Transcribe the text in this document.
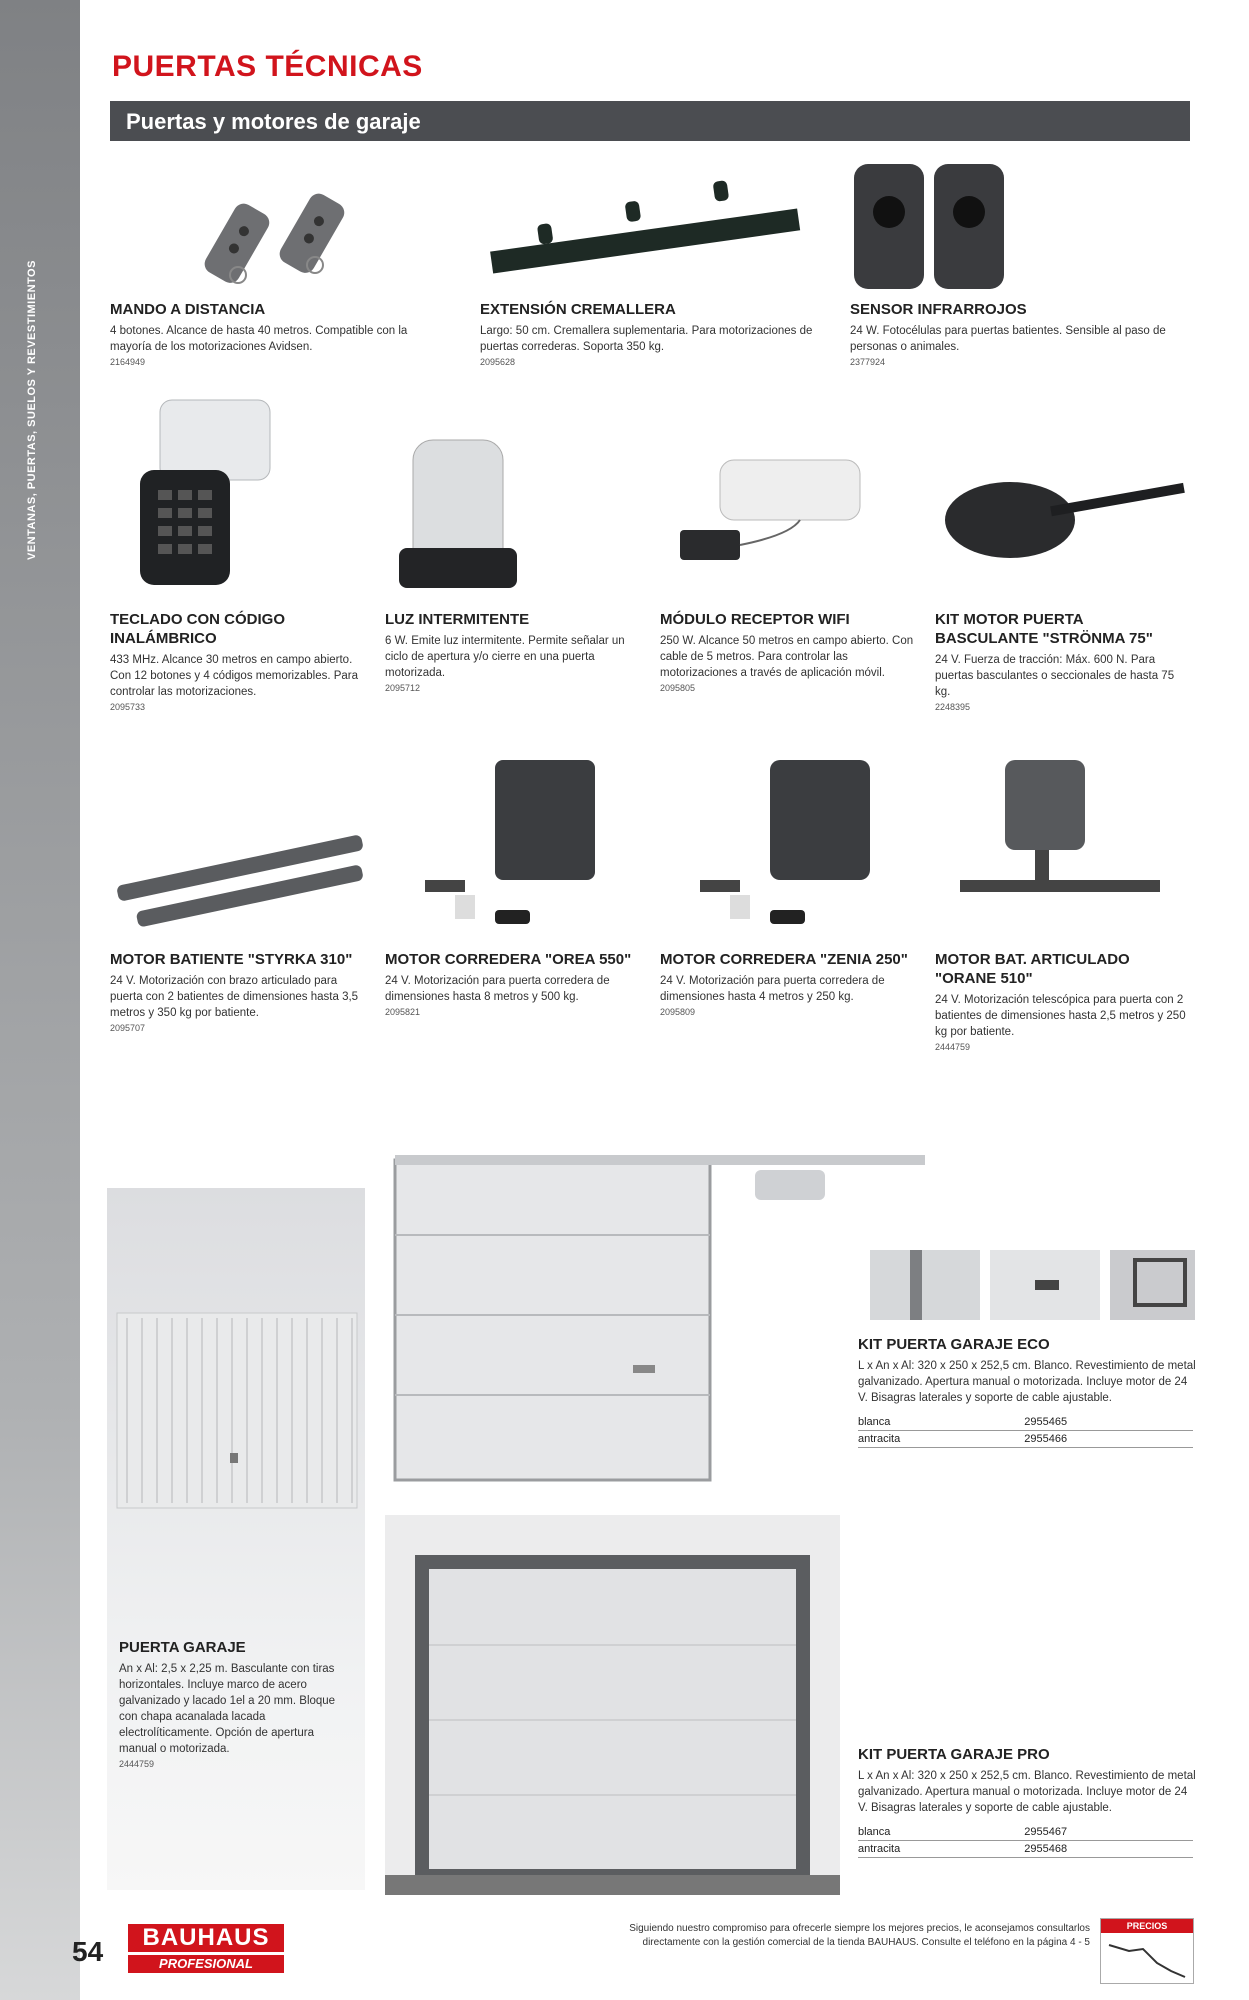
VENTANAS, PUERTAS, SUELOS Y REVESTIMIENTOS
PUERTAS TÉCNICAS
Puertas y motores de garaje
MANDO A DISTANCIA

4 botones. Alcance de hasta 40 metros. Compatible con la mayoría de los motorizaciones Avidsen.

2164949
EXTENSIÓN CREMALLERA

Largo: 50 cm. Cremallera suplementaria. Para motorizaciones de puertas correderas. Soporta 350 kg.

2095628
SENSOR INFRARROJOS

24 W. Fotocélulas para puertas batientes. Sensible al paso de personas o animales.

2377924
TECLADO CON CÓDIGO INALÁMBRICO

433 MHz. Alcance 30 metros en campo abierto. Con 12 botones y 4 códigos memorizables. Para controlar las motorizaciones.

2095733
LUZ INTERMITENTE

6 W. Emite luz intermitente. Permite señalar un ciclo de apertura y/o cierre en una puerta motorizada.

2095712
MÓDULO RECEPTOR WIFI

250 W. Alcance 50 metros en campo abierto. Con cable de 5 metros. Para controlar las motorizaciones a través de aplicación móvil.

2095805
KIT MOTOR PUERTA BASCULANTE "STRÖNMA 75"

24 V. Fuerza de tracción: Máx. 600 N. Para puertas basculantes o seccionales de hasta 75 kg.

2248395
MOTOR BATIENTE "STYRKA 310"

24 V. Motorización con brazo articulado para puerta con 2 batientes de dimensiones hasta 3,5 metros y 350 kg por batiente.

2095707
MOTOR CORREDERA "OREA 550"

24 V. Motorización para puerta corredera de dimensiones hasta 8 metros y 500 kg.

2095821
MOTOR CORREDERA "ZENIA 250"

24 V. Motorización para puerta corredera de dimensiones hasta 4 metros y 250 kg.

2095809
MOTOR BAT. ARTICULADO "ORANE 510"

24 V. Motorización telescópica para puerta con 2 batientes de dimensiones hasta 2,5 metros y 250 kg por batiente.

2444759
PUERTA GARAJE

An x Al: 2,5 x 2,25 m. Basculante con tiras horizontales. Incluye marco de acero galvanizado y lacado 1el a 20 mm. Bloque con chapa acanalada lacada electrolíticamente. Opción de apertura manual o motorizada.

2444759
KIT PUERTA GARAJE ECO

L x An x Al: 320 x 250 x 252,5 cm. Blanco. Revestimiento de metal galvanizado. Apertura manual o motorizada. Incluye motor de 24 V. Bisagras laterales y soporte de cable ajustable.

blanca	2955465
antracita	2955466
KIT PUERTA GARAJE PRO

L x An x Al: 320 x 250 x 252,5 cm. Blanco. Revestimiento de metal galvanizado. Apertura manual o motorizada. Incluye motor de 24 V. Bisagras laterales y soporte de cable ajustable.

blanca	2955467
antracita	2955468
54	BAUHAUS
PROFESIONAL
Siguiendo nuestro compromiso para ofrecerle siempre los mejores precios, le aconsejamos consultarlos directamente con la gestión comercial de la tienda BAUHAUS. Consulte el teléfono en la página 4 - 5
PRECIOS
